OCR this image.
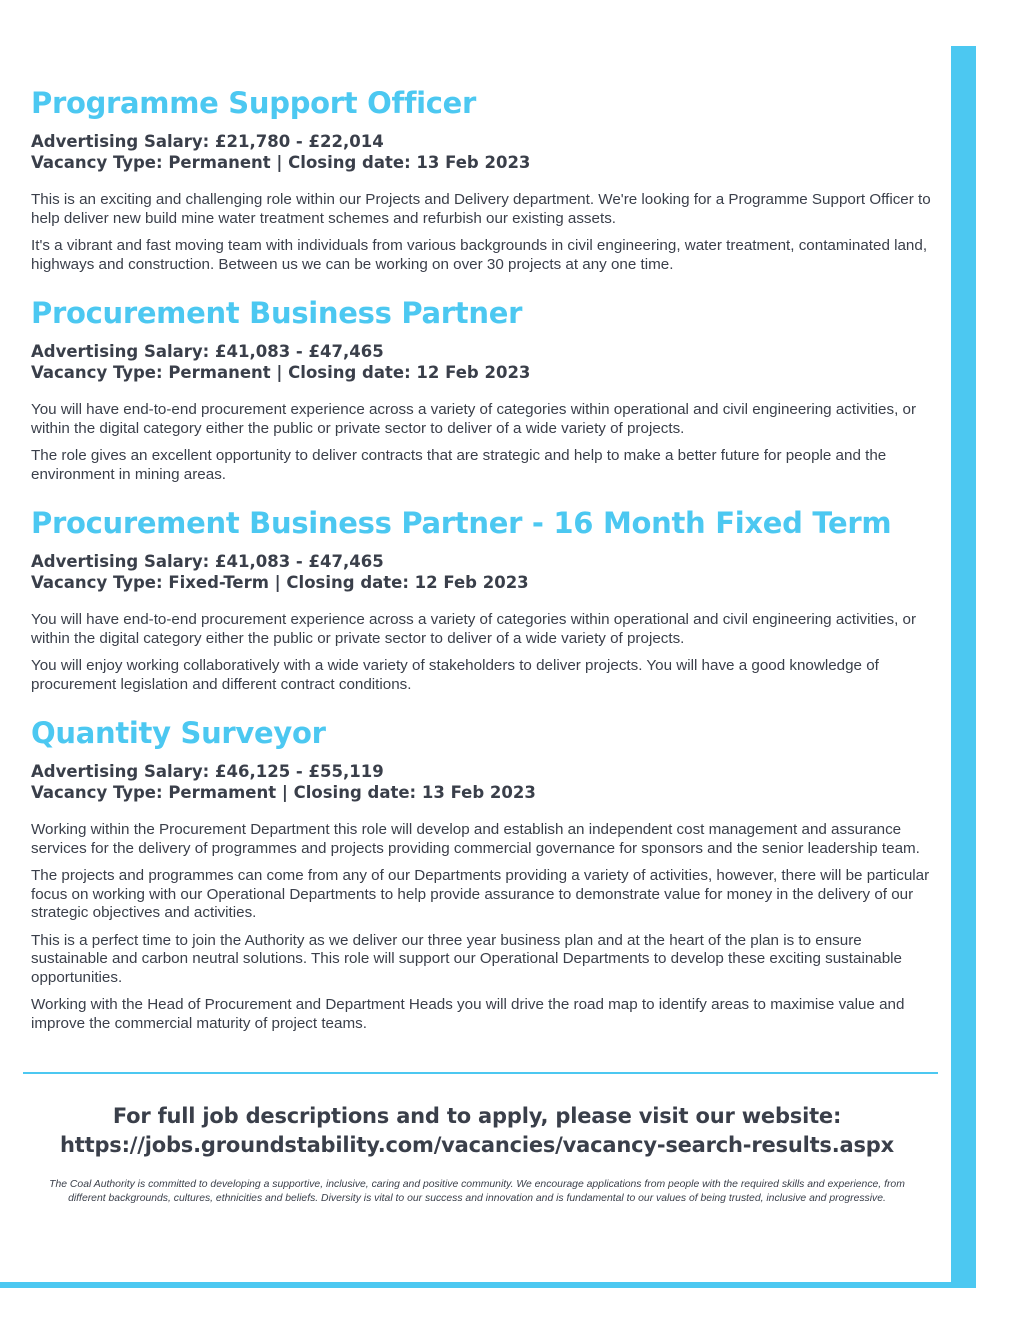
Programme Support Officer
Advertising Salary: £21,780 - £22,014
Vacancy Type: Permanent | Closing date: 13 Feb 2023

This is an exciting and challenging role within our Projects and Delivery department. We're looking for a Programme Support Officer to help deliver new build mine water treatment schemes and refurbish our existing assets.

It's a vibrant and fast moving team with individuals from various backgrounds in civil engineering, water treatment, contaminated land, highways and construction. Between us we can be working on over 30 projects at any one time.

Procurement Business Partner
Advertising Salary: £41,083 - £47,465
Vacancy Type: Permanent | Closing date: 12 Feb 2023

You will have end-to-end procurement experience across a variety of categories within operational and civil engineering activities, or within the digital category either the public or private sector to deliver of a wide variety of projects.

The role gives an excellent opportunity to deliver contracts that are strategic and help to make a better future for people and the environment in mining areas.

Procurement Business Partner - 16 Month Fixed Term
Advertising Salary: £41,083 - £47,465
Vacancy Type: Fixed-Term | Closing date: 12 Feb 2023

You will have end-to-end procurement experience across a variety of categories within operational and civil engineering activities, or within the digital category either the public or private sector to deliver of a wide variety of projects.

You will enjoy working collaboratively with a wide variety of stakeholders to deliver projects. You will have a good knowledge of procurement legislation and different contract conditions.

Quantity Surveyor
Advertising Salary: £46,125 - £55,119
Vacancy Type: Permament | Closing date: 13 Feb 2023

Working within the Procurement Department this role will develop and establish an independent cost management and assurance services for the delivery of programmes and projects providing commercial governance for sponsors and the senior leadership team.

The projects and programmes can come from any of our Departments providing a variety of activities, however, there will be particular focus on working with our Operational Departments to help provide assurance to demonstrate value for money in the delivery of our strategic objectives and activities.

This is a perfect time to join the Authority as we deliver our three year business plan and at the heart of the plan is to ensure sustainable and carbon neutral solutions. This role will support our Operational Departments to develop these exciting sustainable opportunities.

Working with the Head of Procurement and Department Heads you will drive the road map to identify areas to maximise value and improve the commercial maturity of project teams.

For full job descriptions and to apply, please visit our website:
https://jobs.groundstability.com/vacancies/vacancy-search-results.aspx
The Coal Authority is committed to developing a supportive, inclusive, caring and positive community. We encourage applications from people with the required skills and experience, from different backgrounds, cultures, ethnicities and beliefs. Diversity is vital to our success and innovation and is fundamental to our values of being trusted, inclusive and progressive.
